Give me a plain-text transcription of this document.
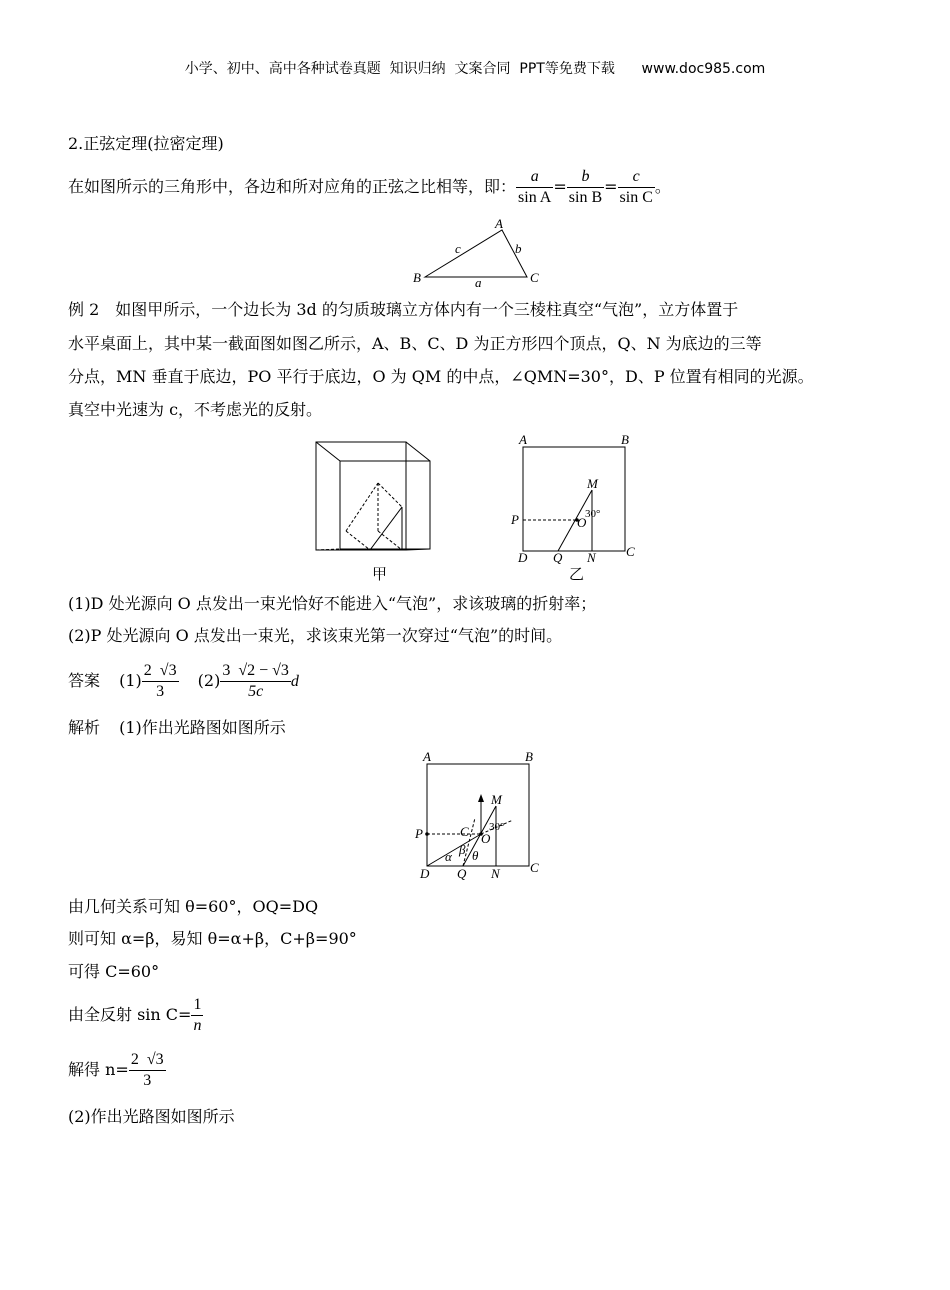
小学、初中、高中各种试卷真题  知识归纳  文案合同  PPT等免费下载      www.doc985.com
2.正弦定理(拉密定理)
在如图所示的三角形中，各边和所对应角的正弦之比相等，即： $\frac{a}{\text{sin A}} = \frac{b}{\text{sin B}} = \frac{c}{\text{sin C}}$ 。
A
B	C
a
b
c
例 2　如图甲所示，一个边长为 3d 的匀质玻璃立方体内有一个三棱柱真空“气泡”，立方体置于
水平桌面上，其中某一截面图如图乙所示，A、B、C、D 为正方形四个顶点，Q、N 为底边的三等
分点，MN 垂直于底边，PO 平行于底边，O 为 QM 的中点，∠QMN=30°，D、P 位置有相同的光源。
真空中光速为 c，不考虑光的反射。
甲
A	B
M
P	O
30°
D Q N C
乙
(1)D 处光源向 O 点发出一束光恰好不能进入“气泡”，求该玻璃的折射率；
(2)P 处光源向 O 点发出一束光，求该束光第一次穿过“气泡”的时间。
答案 $(1) \frac{2 √3}{3} (2) \frac{3 √2 - √3}{5c}$ d
解析 (1)作出光路图如图所示
A	B
M
P	C O
30°
α β θ
D Q N C
由几何关系可知 θ=60°，OQ=DQ
则可知 α=β，易知 θ=α+β，C+β=90°
可得 C=60°
由全反射 $\sin C= \frac{1}{n}$
解得 $n= \frac{2 √3}{3}$
(2)作出光路图如图所示
